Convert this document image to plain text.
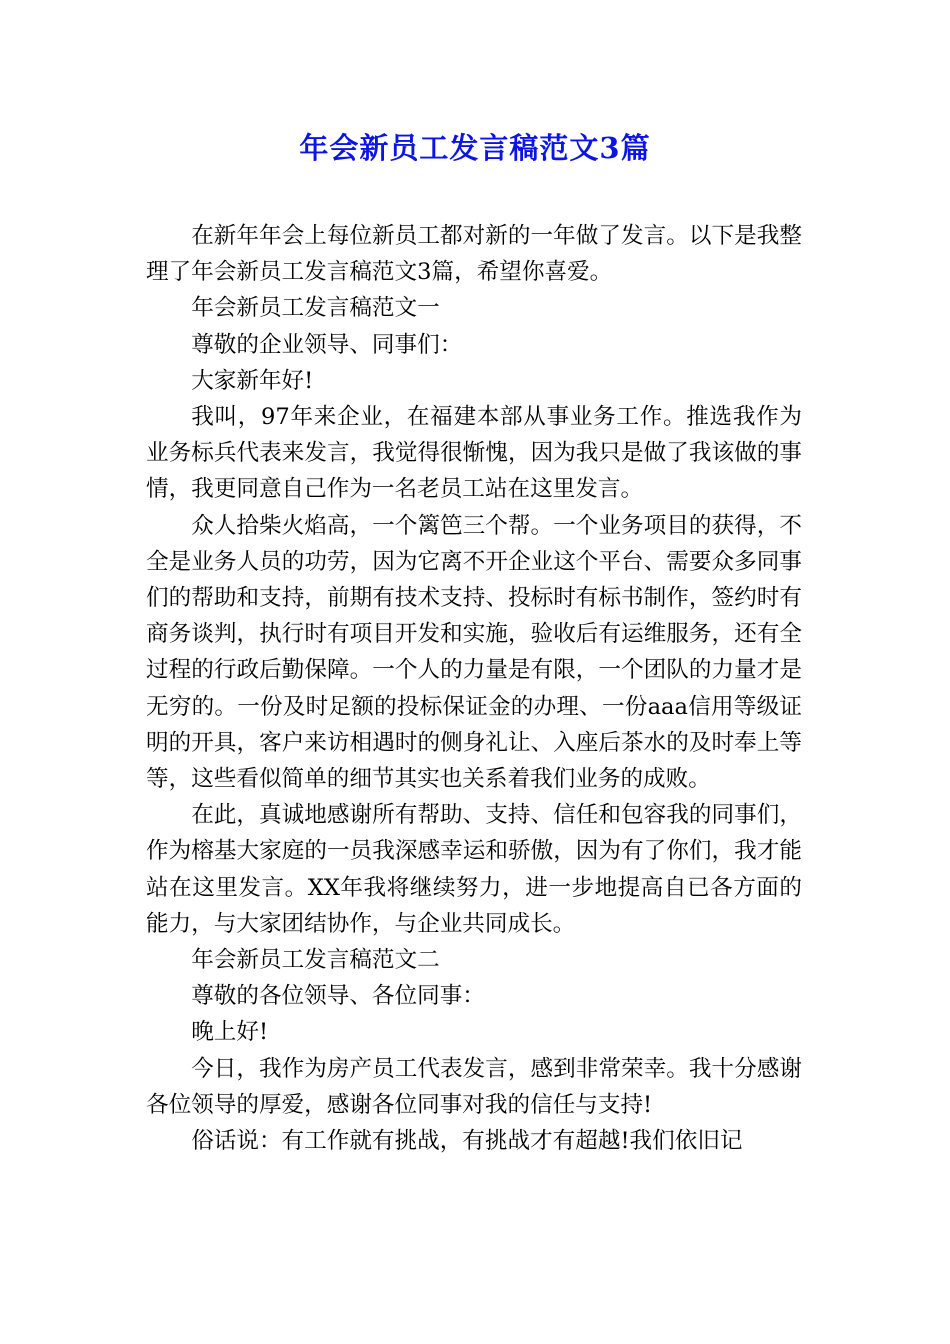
年会新员工发言稿范文3篇

在新年年会上每位新员工都对新的一年做了发言。以下是我整理了年会新员工发言稿范文3篇，希望你喜爱。

年会新员工发言稿范文一

尊敬的企业领导、同事们：

大家新年好!

我叫，97年来企业，在福建本部从事业务工作。推选我作为业务标兵代表来发言，我觉得很惭愧，因为我只是做了我该做的事情，我更同意自己作为一名老员工站在这里发言。

众人拾柴火焰高，一个篱笆三个帮。一个业务项目的获得，不全是业务人员的功劳，因为它离不开企业这个平台、需要众多同事们的帮助和支持，前期有技术支持、投标时有标书制作，签约时有商务谈判，执行时有项目开发和实施，验收后有运维服务，还有全过程的行政后勤保障。一个人的力量是有限，一个团队的力量才是无穷的。一份及时足额的投标保证金的办理、一份aaa信用等级证明的开具，客户来访相遇时的侧身礼让、入座后茶水的及时奉上等等，这些看似简单的细节其实也关系着我们业务的成败。

在此，真诚地感谢所有帮助、支持、信任和包容我的同事们，作为榕基大家庭的一员我深感幸运和骄傲，因为有了你们，我才能站在这里发言。XX年我将继续努力，进一步地提高自已各方面的能力，与大家团结协作，与企业共同成长。

年会新员工发言稿范文二

尊敬的各位领导、各位同事：

晚上好!

今日，我作为房产员工代表发言，感到非常荣幸。我十分感谢各位领导的厚爱，感谢各位同事对我的信任与支持!

俗话说：有工作就有挑战，有挑战才有超越!我们依旧记
